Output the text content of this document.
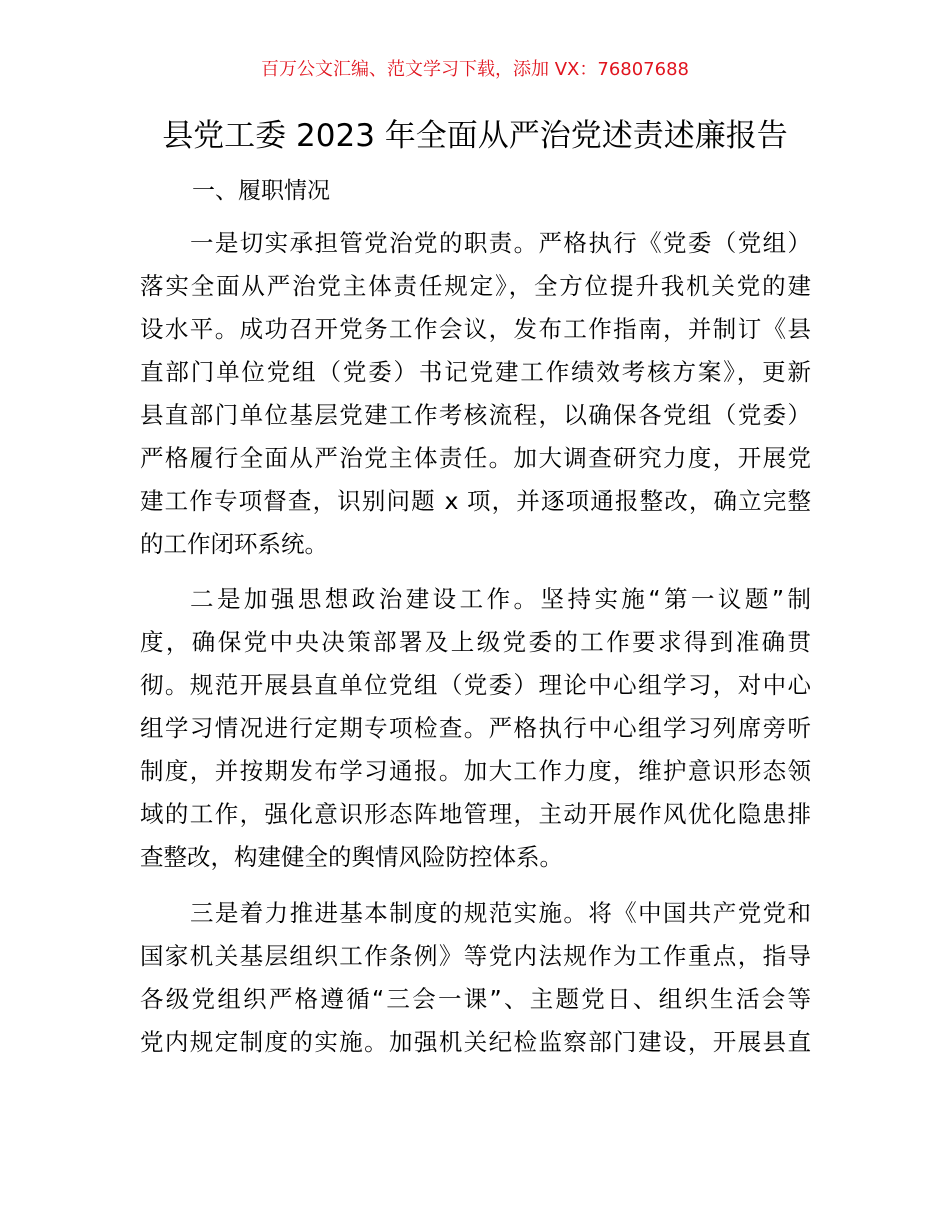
百万公文汇编、范文学习下载，添加 VX：76807688
县党工委 2023 年全面从严治党述责述廉报告
一、履职情况
一是切实承担管党治党的职责。严格执行《党委（党组）
落实全面从严治党主体责任规定》，全方位提升我机关党的建
设水平。成功召开党务工作会议，发布工作指南，并制订《县
直部门单位党组（党委）书记党建工作绩效考核方案》，更新
县直部门单位基层党建工作考核流程，以确保各党组（党委）
严格履行全面从严治党主体责任。加大调查研究力度，开展党
建工作专项督查，识别问题 x 项，并逐项通报整改，确立完整
的工作闭环系统。
二是加强思想政治建设工作。坚持实施“第一议题”制
度，确保党中央决策部署及上级党委的工作要求得到准确贯
彻。规范开展县直单位党组（党委）理论中心组学习，对中心
组学习情况进行定期专项检查。严格执行中心组学习列席旁听
制度，并按期发布学习通报。加大工作力度，维护意识形态领
域的工作，强化意识形态阵地管理，主动开展作风优化隐患排
查整改，构建健全的舆情风险防控体系。
三是着力推进基本制度的规范实施。将《中国共产党党和
国家机关基层组织工作条例》等党内法规作为工作重点，指导
各级党组织严格遵循“三会一课”、主题党日、组织生活会等
党内规定制度的实施。加强机关纪检监察部门建设，开展县直
